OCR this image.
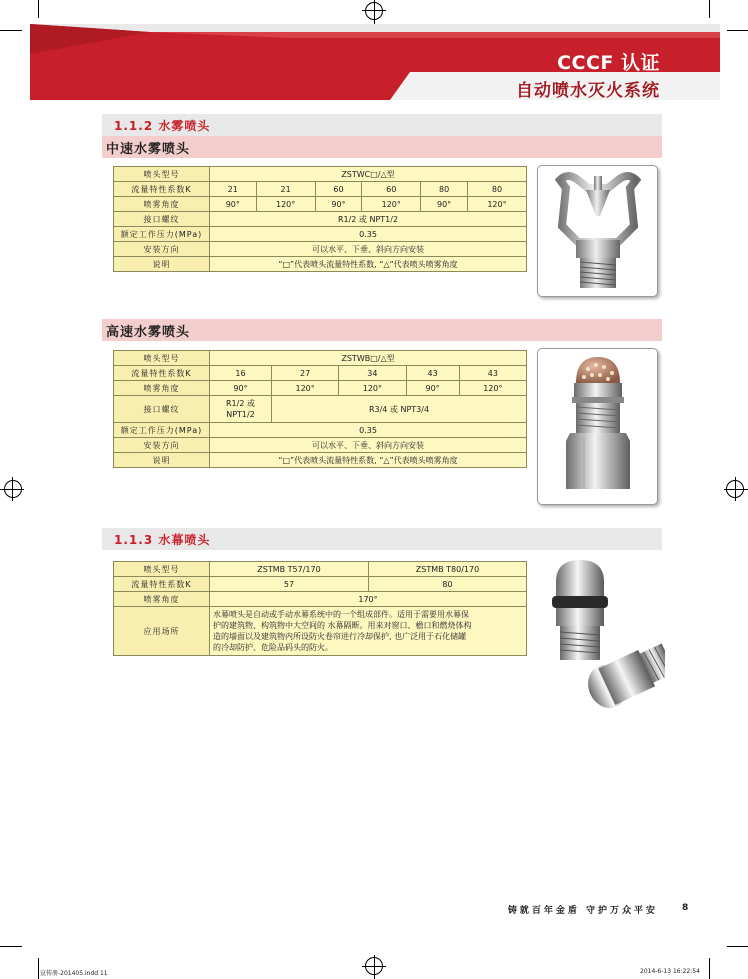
CCCF 认证
自动喷水灭火系统
1.1.2 水雾喷头
中速水雾喷头
喷头型号	ZSTWC□/△型					
流量特性系数K	21	21	60	60	80	80
喷雾角度	90°	120°	90°	120°	90°	120°
接口螺纹	R1/2 或 NPT1/2					
额定工作压力(MPa)	0.35					
安装方向	可以水平、下垂、斜向方向安装					
说明	“□”代表喷头流量特性系数, “△”代表喷头喷雾角度					
高速水雾喷头
喷头型号	ZSTWB□/△型				
流量特性系数K	16	27	34	43	43
喷雾角度	90°	120°	120°	90°	120°
接口螺纹	R1/2 或
NPT1/2	R3/4 或 NPT3/4			
额定工作压力(MPa)	0.35				
安装方向	可以水平、下垂、斜向方向安装				
说明	“□”代表喷头流量特性系数, “△”代表喷头喷雾角度				
1.1.3 水幕喷头
喷头型号	ZSTMB T57/170	ZSTMB T80/170
流量特性系数K	57	80
喷雾角度	170°	
应用场所	水幕喷头是自动或手动水幕系统中的一个组成部件。适用于需要用水幕保
护的建筑物、构筑物中大空间的 水幕隔断。用来对窗口、檐口和燃烧体构
造的墙面以及建筑物内所设防火卷帘进行冷却保护, 也广泛用于石化储罐
的冷却防护、危险品码头的防火。	
铸就百年金盾 守护万众平安	8
宣传册-201405.indd 11	2014-6-13 16:22:54
